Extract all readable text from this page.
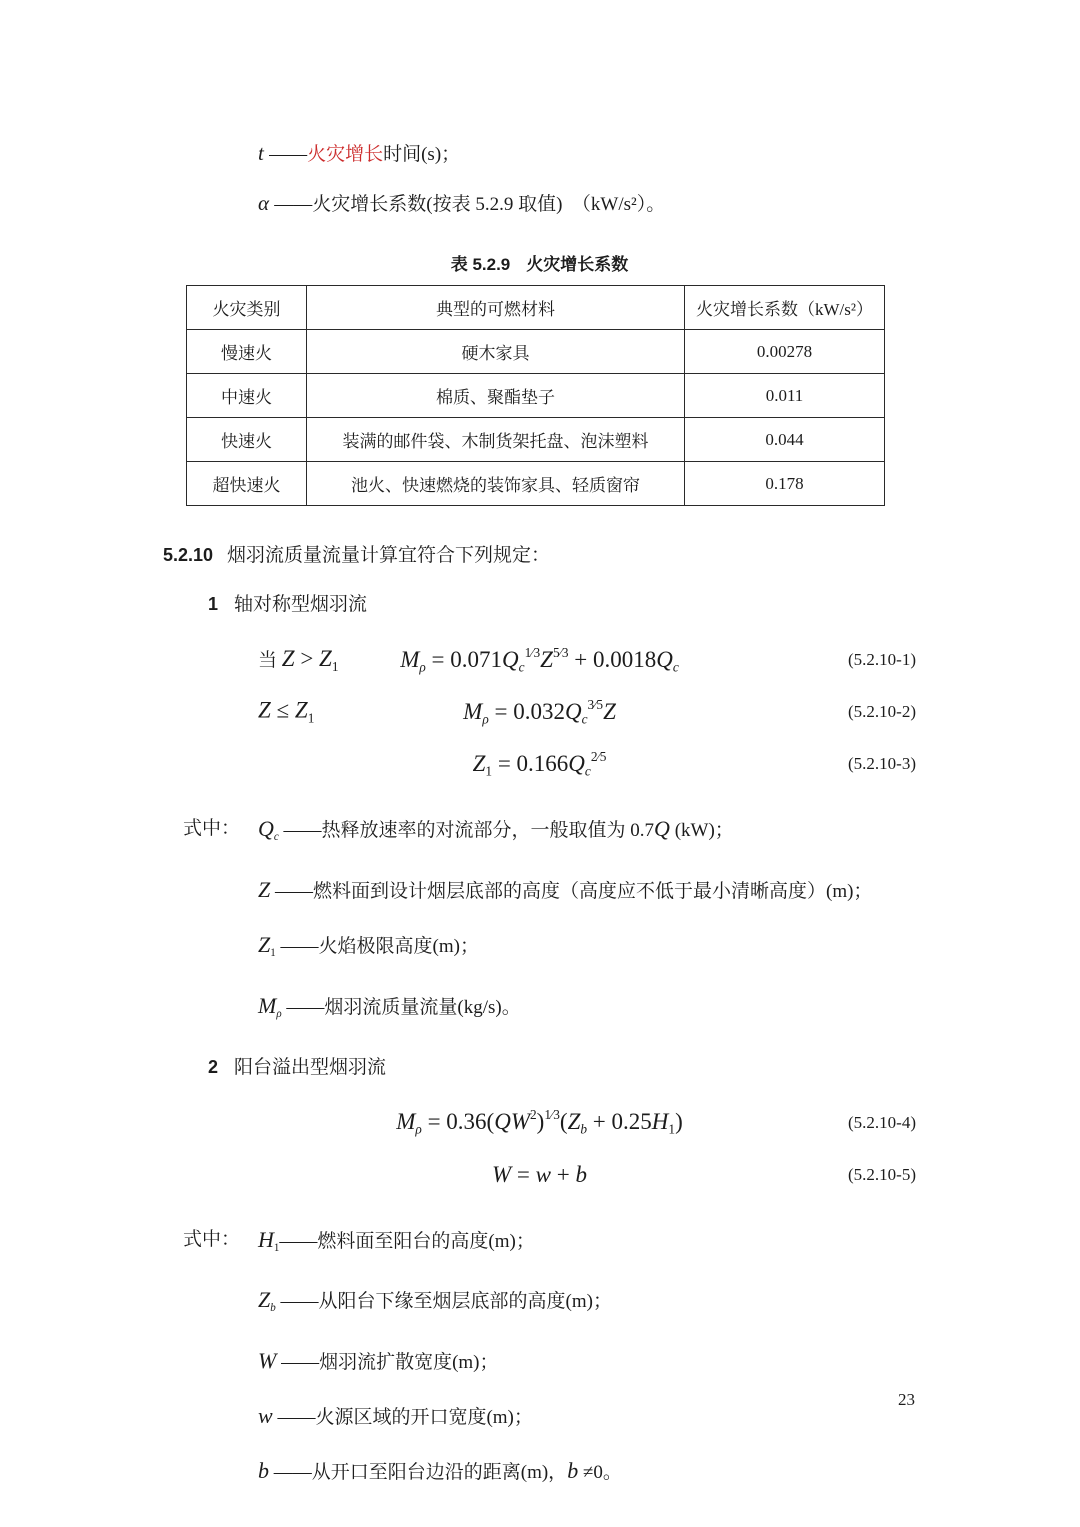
t ——火灾增长时间(s)；
α ——火灾增长系数(按表 5.2.9 取值)　（kW/s²）。
表 5.2.9 火灾增长系数
火灾类别	典型的可燃材料	火灾增长系数（kW/s²）
慢速火	硬木家具	0.00278
中速火	棉质、聚酯垫子	0.011
快速火	装满的邮件袋、木制货架托盘、泡沫塑料	0.044
超快速火	池火、快速燃烧的装饰家具、轻质窗帘	0.178
5.2.10 烟羽流质量流量计算宜符合下列规定：
1 轴对称型烟羽流
当 $Z > Z_1$	$M_\rho = 0.071Q_c^{1⁄3}Z^{5⁄3} + 0.0018Q_c$	(5.2.10-1)
$Z \le Z_1$	$M_\rho = 0.032Q_c^{3⁄5}Z$	(5.2.10-2)
$Z_1 = 0.166Q_c^{2⁄5}$	(5.2.10-3)
式中： $Q_c$ ——热释放速率的对流部分，一般取值为 0.7Q (kW)；
Z ——燃料面到设计烟层底部的高度（高度应不低于最小清晰高度）(m)；
$Z_1$ ——火焰极限高度(m)；
$M_\rho$ ——烟羽流质量流量(kg/s)。
2 阳台溢出型烟羽流
$M_\rho = 0.36(QW^2)^{1⁄3}(Z_b + 0.25H_1)$	(5.2.10-4)
W = w + b	(5.2.10-5)
式中： $H_1——$燃料面至阳台的高度(m)；
$Z_b$ ——从阳台下缘至烟层底部的高度(m)；
W ——烟羽流扩散宽度(m)；
w ——火源区域的开口宽度(m)；
b ——从开口至阳台边沿的距离(m)，b ≠0。
23
